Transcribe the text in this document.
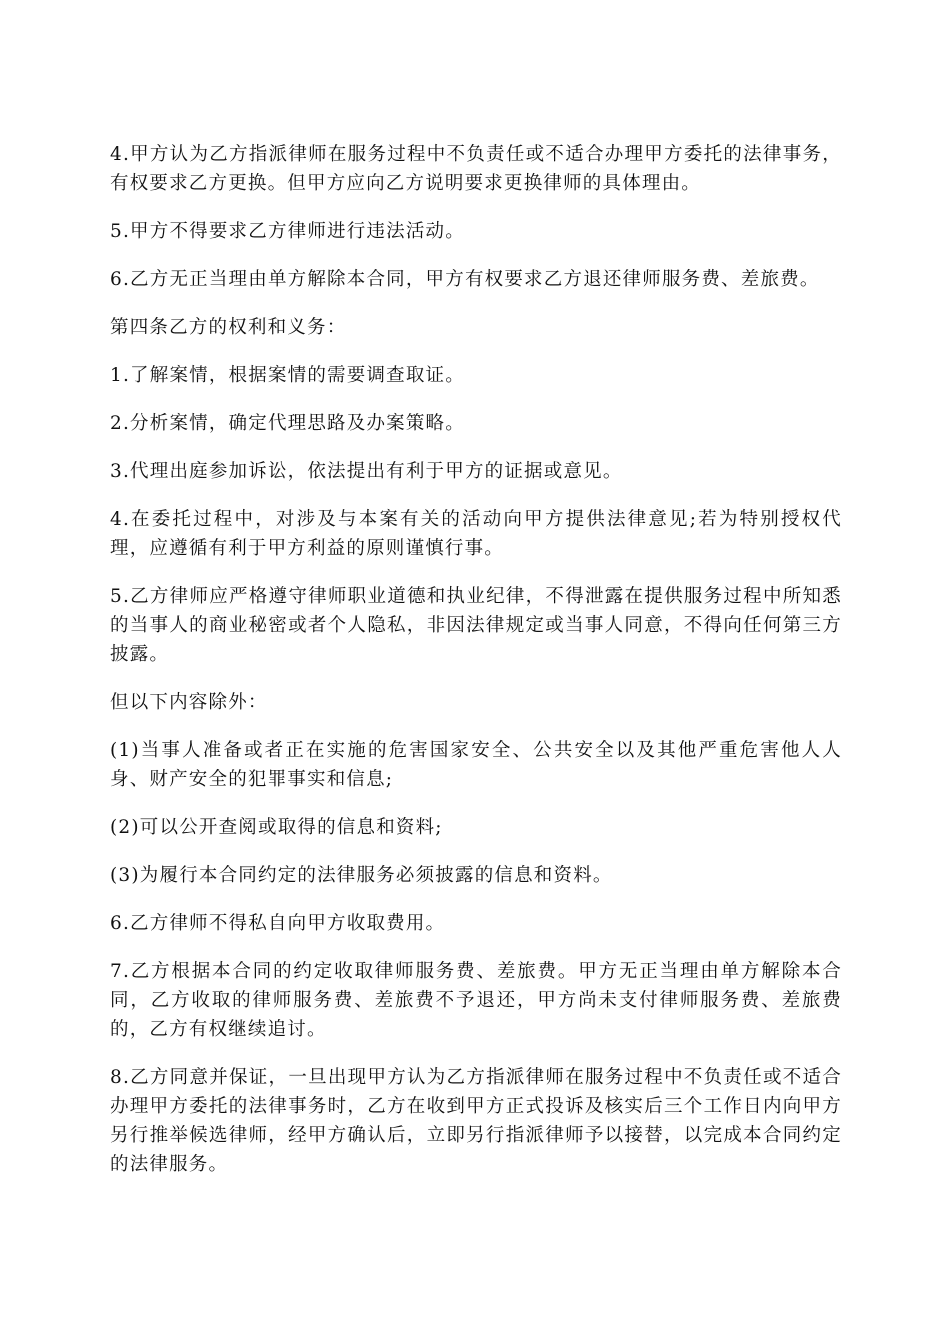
4.甲方认为乙方指派律师在服务过程中不负责任或不适合办理甲方委托的法律事务，有权要求乙方更换。但甲方应向乙方说明要求更换律师的具体理由。

5.甲方不得要求乙方律师进行违法活动。

6.乙方无正当理由单方解除本合同，甲方有权要求乙方退还律师服务费、差旅费。

第四条乙方的权利和义务：

1.了解案情，根据案情的需要调查取证。

2.分析案情，确定代理思路及办案策略。

3.代理出庭参加诉讼，依法提出有利于甲方的证据或意见。

4.在委托过程中，对涉及与本案有关的活动向甲方提供法律意见;若为特别授权代理，应遵循有利于甲方利益的原则谨慎行事。

5.乙方律师应严格遵守律师职业道德和执业纪律，不得泄露在提供服务过程中所知悉的当事人的商业秘密或者个人隐私，非因法律规定或当事人同意，不得向任何第三方披露。

但以下内容除外：

(1)当事人准备或者正在实施的危害国家安全、公共安全以及其他严重危害他人人身、财产安全的犯罪事实和信息;

(2)可以公开查阅或取得的信息和资料;

(3)为履行本合同约定的法律服务必须披露的信息和资料。

6.乙方律师不得私自向甲方收取费用。

7.乙方根据本合同的约定收取律师服务费、差旅费。甲方无正当理由单方解除本合同，乙方收取的律师服务费、差旅费不予退还，甲方尚未支付律师服务费、差旅费的，乙方有权继续追讨。

8.乙方同意并保证，一旦出现甲方认为乙方指派律师在服务过程中不负责任或不适合办理甲方委托的法律事务时，乙方在收到甲方正式投诉及核实后三个工作日内向甲方另行推举候选律师，经甲方确认后，立即另行指派律师予以接替，以完成本合同约定的法律服务。
